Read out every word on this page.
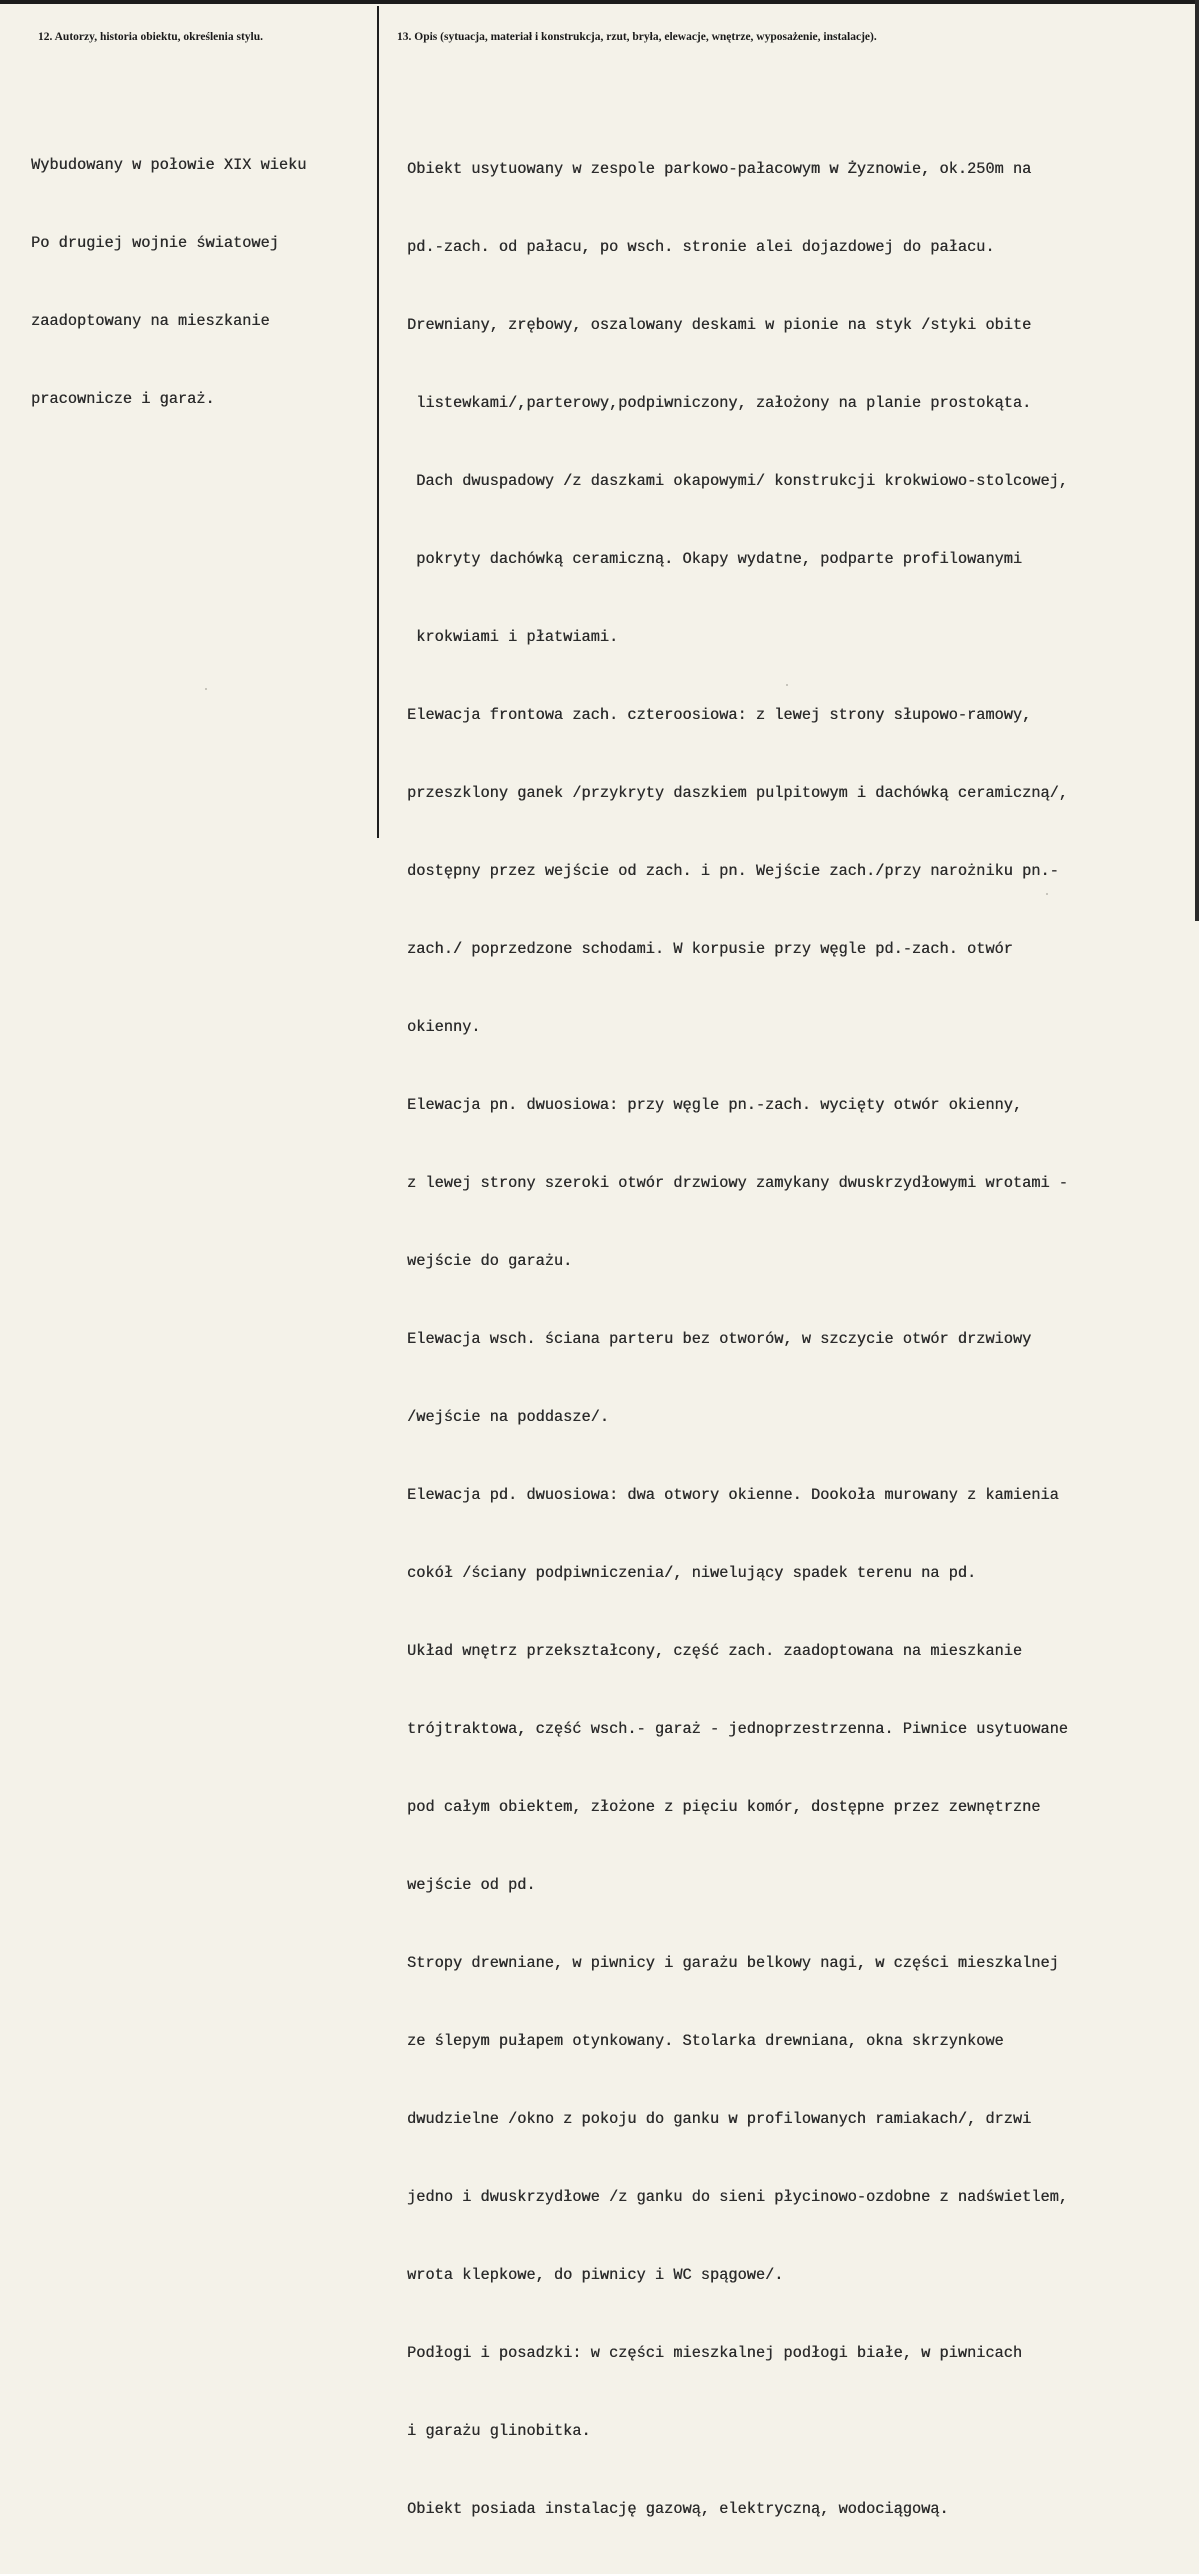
12. Autorzy, historia obiektu, określenia stylu.	13. Opis (sytuacja, materiał i konstrukcja, rzut, bryła, elewacje, wnętrze, wyposażenie, instalacje).

Wybudowany w połowie XIX wieku

Po drugiej wojnie światowej

zaadoptowany na mieszkanie

pracownicze i garaż.

Obiekt usytuowany w zespole parkowo-pałacowym w Żyznowie, ok.250m na

pd.-zach. od pałacu, po wsch. stronie alei dojazdowej do pałacu.

Drewniany, zrębowy, oszalowany deskami w pionie na styk /styki obite

listewkami/,parterowy,podpiwniczony, założony na planie prostokąta.

Dach dwuspadowy /z daszkami okapowymi/ konstrukcji krokwiowo-stolcowej,

pokryty dachówką ceramiczną. Okapy wydatne, podparte profilowanymi

krokwiami i płatwiami.

Elewacja frontowa zach. czteroosiowa: z lewej strony słupowo-ramowy,

przeszklony ganek /przykryty daszkiem pulpitowym i dachówką ceramiczną/,

dostępny przez wejście od zach. i pn. Wejście zach./przy narożniku pn.-

zach./ poprzedzone schodami. W korpusie przy węgle pd.-zach. otwór

okienny.

Elewacja pn. dwuosiowa: przy węgle pn.-zach. wycięty otwór okienny,

z lewej strony szeroki otwór drzwiowy zamykany dwuskrzydłowymi wrotami -

wejście do garażu.

Elewacja wsch. ściana parteru bez otworów, w szczycie otwór drzwiowy

/wejście na poddasze/.

Elewacja pd. dwuosiowa: dwa otwory okienne. Dookoła murowany z kamienia

cokół /ściany podpiwniczenia/, niwelujący spadek terenu na pd.

Układ wnętrz przekształcony, część zach. zaadoptowana na mieszkanie

trójtraktowa, część wsch.- garaż - jednoprzestrzenna. Piwnice usytuowane

pod całym obiektem, złożone z pięciu komór, dostępne przez zewnętrzne

wejście od pd.

Stropy drewniane, w piwnicy i garażu belkowy nagi, w części mieszkalnej

ze ślepym pułapem otynkowany. Stolarka drewniana, okna skrzynkowe

dwudzielne /okno z pokoju do ganku w profilowanych ramiakach/, drzwi

jedno i dwuskrzydłowe /z ganku do sieni płycinowo-ozdobne z nadświetlem,

wrota klepkowe, do piwnicy i WC spągowe/.

Podłogi i posadzki: w części mieszkalnej podłogi białe, w piwnicach

i garażu glinobitka.

Obiekt posiada instalację gazową, elektryczną, wodociągową.
